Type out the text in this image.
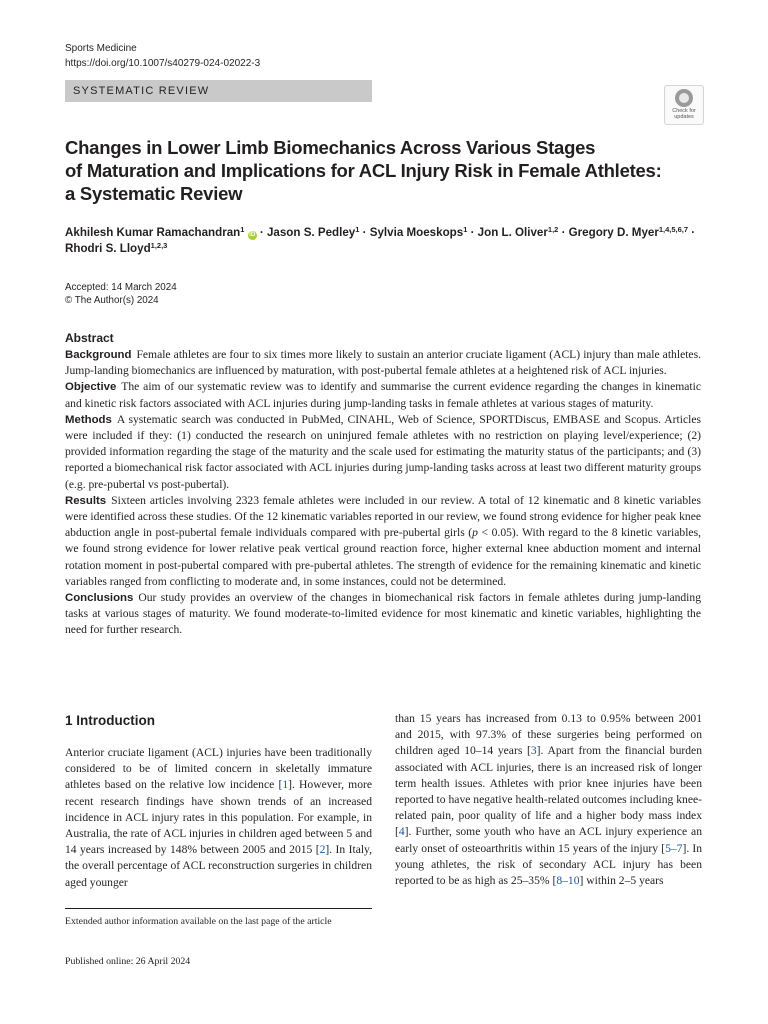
Sports Medicine
https://doi.org/10.1007/s40279-024-02022-3
SYSTEMATIC REVIEW
Check for updates
Changes in Lower Limb Biomechanics Across Various Stages
of Maturation and Implications for ACL Injury Risk in Female Athletes:
a Systematic Review
Akhilesh Kumar Ramachandran$^1$ iD · Jason S. Pedley$^1$ · Sylvia Moeskops$^1$ · Jon L. Oliver$^{1,2}$ · Gregory D. Myer$^{1,4,5,6,7}$ ·
Rhodri S. Lloyd$^{1,2,3}$
Accepted: 14 March 2024
© The Author(s) 2024
Abstract

Background Female athletes are four to six times more likely to sustain an anterior cruciate ligament (ACL) injury than male athletes. Jump-landing biomechanics are influenced by maturation, with post-pubertal female athletes at a heightened risk of ACL injuries.

Objective The aim of our systematic review was to identify and summarise the current evidence regarding the changes in kinematic and kinetic risk factors associated with ACL injuries during jump-landing tasks in female athletes at various stages of maturity.

Methods A systematic search was conducted in PubMed, CINAHL, Web of Science, SPORTDiscus, EMBASE and Scopus. Articles were included if they: (1) conducted the research on uninjured female athletes with no restriction on playing level/experience; (2) provided information regarding the stage of the maturity and the scale used for estimating the maturity status of the participants; and (3) reported a biomechanical risk factor associated with ACL injuries during jump-landing tasks across at least two different maturity groups (e.g. pre-pubertal vs post-pubertal).

Results Sixteen articles involving 2323 female athletes were included in our review. A total of 12 kinematic and 8 kinetic variables were identified across these studies. Of the 12 kinematic variables reported in our review, we found strong evidence for higher peak knee abduction angle in post-pubertal female individuals compared with pre-pubertal girls (p < 0.05). With regard to the 8 kinetic variables, we found strong evidence for lower relative peak vertical ground reaction force, higher external knee abduction moment and internal rotation moment in post-pubertal compared with pre-pubertal athletes. The strength of evidence for the remaining kinematic and kinetic variables ranged from conflicting to moderate and, in some instances, could not be determined.

Conclusions Our study provides an overview of the changes in biomechanical risk factors in female athletes during jump-landing tasks at various stages of maturity. We found moderate-to-limited evidence for most kinematic and kinetic variables, highlighting the need for further research.

1 Introduction

Anterior cruciate ligament (ACL) injuries have been traditionally considered to be of limited concern in skeletally immature athletes based on the relative low incidence [1]. However, more recent research findings have shown trends of an increased incidence in ACL injury rates in this population. For example, in Australia, the rate of ACL injuries in children aged between 5 and 14 years increased by 148% between 2005 and 2015 [2]. In Italy, the overall percentage of ACL reconstruction surgeries in children aged younger

than 15 years has increased from 0.13 to 0.95% between 2001 and 2015, with 97.3% of these surgeries being performed on children aged 10–14 years [3]. Apart from the financial burden associated with ACL injuries, there is an increased risk of longer term health issues. Athletes with prior knee injuries have been reported to have negative health-related outcomes including knee-related pain, poor quality of life and a higher body mass index [4]. Further, some youth who have an ACL injury experience an early onset of osteoarthritis within 15 years of the injury [5–7]. In young athletes, the risk of secondary ACL injury has been reported to be as high as 25–35% [8–10] within 2–5 years

Extended author information available on the last page of the article
Published online: 26 April 2024
